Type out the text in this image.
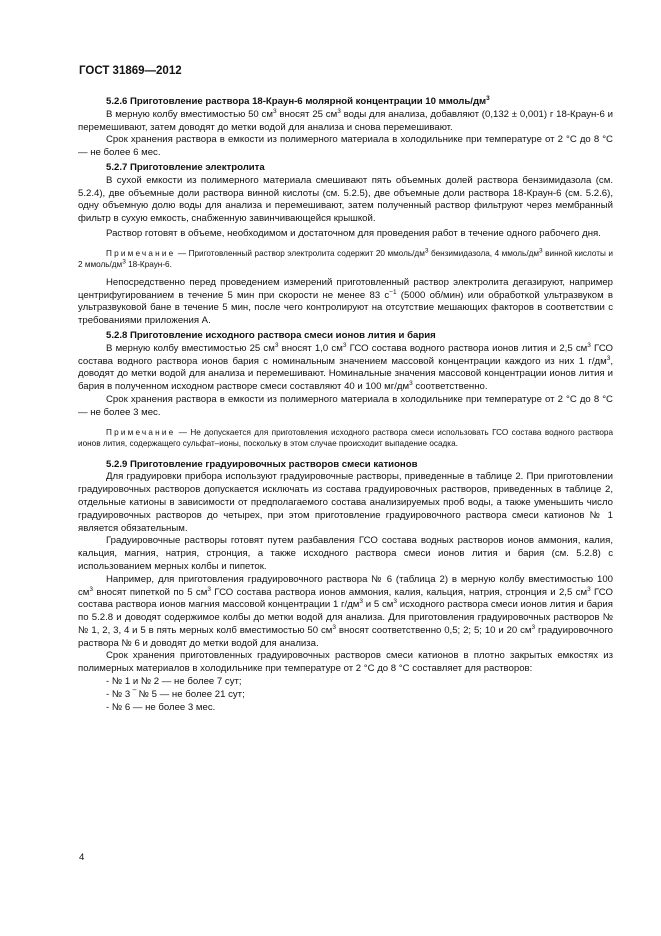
ГОСТ 31869—2012

5.2.6 Приготовление раствора 18-Краун-6 молярной концентрации 10 ммоль/$дм^3$

В мерную колбу вместимостью 50 $см^3$ вносят 25 $см^3$ воды для анализа, добавляют (0,132 ± 0,001) г 18-Краун-6 и перемешивают, затем доводят до метки водой для анализа и снова перемешивают.

Срок хранения раствора в емкости из полимерного материала в холодильнике при температуре от 2 °С до 8 °С — не более 6 мес.

5.2.7 Приготовление электролита

В сухой емкости из полимерного материала смешивают пять объемных долей раствора бензимидазола (см. 5.2.4), две объемные доли раствора винной кислоты (см. 5.2.5), две объемные доли раствора 18-Краун-6 (см. 5.2.6), одну объемную долю воды для анализа и перемешивают, затем полученный раствор фильтруют через мембранный фильтр в сухую емкость, снабженную завинчивающейся крышкой.

Раствор готовят в объеме, необходимом и достаточном для проведения работ в течение одного рабочего дня.

Примечание — Приготовленный раствор электролита содержит 20 ммоль/$дм^3$ бензимидазола, 4 ммоль/$дм^3$ винной кислоты и 2 ммоль/$дм^3$ 18-Краун-6.

Непосредственно перед проведением измерений приготовленный раствор электролита дегазируют, например центрифугированием в течение 5 мин при скорости не менее 83 $с^{-1}$ (5000 об/мин) или обработкой ультразвуком в ультразвуковой бане в течение 5 мин, после чего контролируют на отсутствие мешающих факторов в соответствии с требованиями приложения А.

5.2.8 Приготовление исходного раствора смеси ионов лития и бария

В мерную колбу вместимостью 25 $см^3$ вносят 1,0 $см^3$ ГСО состава водного раствора ионов лития и 2,5 $см^3$ ГСО состава водного раствора ионов бария с номинальным значением массовой концентрации каждого из них 1 $г/дм^3$, доводят до метки водой для анализа и перемешивают. Номинальные значения массовой концентрации ионов лития и бария в полученном исходном растворе смеси составляют 40 и 100 $мг/дм^3$ соответственно.

Срок хранения раствора в емкости из полимерного материала в холодильнике при температуре от 2 °С до 8 °С — не более 3 мес.

Примечание — Не допускается для приготовления исходного раствора смеси использовать ГСО состава водного раствора ионов лития, содержащего сульфат–ионы, поскольку в этом случае происходит выпадение осадка.

5.2.9 Приготовление градуировочных растворов смеси катионов

Для градуировки прибора используют градуировочные растворы, приведенные в таблице 2. При приготовлении градуировочных растворов допускается исключать из состава градуировочных растворов, приведенных в таблице 2, отдельные катионы в зависимости от предполагаемого состава анализируемых проб воды, а также уменьшить число градуировочных растворов до четырех, при этом приготовление градуировочного раствора смеси катионов № 1 является обязательным.

Градуировочные растворы готовят путем разбавления ГСО состава водных растворов ионов аммония, калия, кальция, магния, натрия, стронция, а также исходного раствора смеси ионов лития и бария (см. 5.2.8) с использованием мерных колбы и пипеток.

Например, для приготовления градуировочного раствора № 6 (таблица 2) в мерную колбу вместимостью 100 $см^3$ вносят пипеткой по 5 $см^3$ ГСО состава раствора ионов аммония, калия, кальция, натрия, стронция и 2,5 $см^3$ ГСО состава раствора ионов магния массовой концентрации 1 $г/дм^3$ и 5 $см^3$ исходного раствора смеси ионов лития и бария по 5.2.8 и доводят содержимое колбы до метки водой для анализа. Для приготовления градуировочных растворов №№ 1, 2, 3, 4 и 5 в пять мерных колб вместимостью 50 $см^3$ вносят соответственно 0,5; 2; 5; 10 и 20 $см^3$ градуировочного раствора № 6 и доводят до метки водой для анализа.

Срок хранения приготовленных градуировочных растворов смеси катионов в плотно закрытых емкостях из полимерных материалов в холодильнике при температуре от 2 °С до 8 °С составляет для растворов:

- № 1 и № 2 — не более 7 сут;

- № 3 ‾ № 5 — не более 21 сут;

- № 6 — не более 3 мес.

4
